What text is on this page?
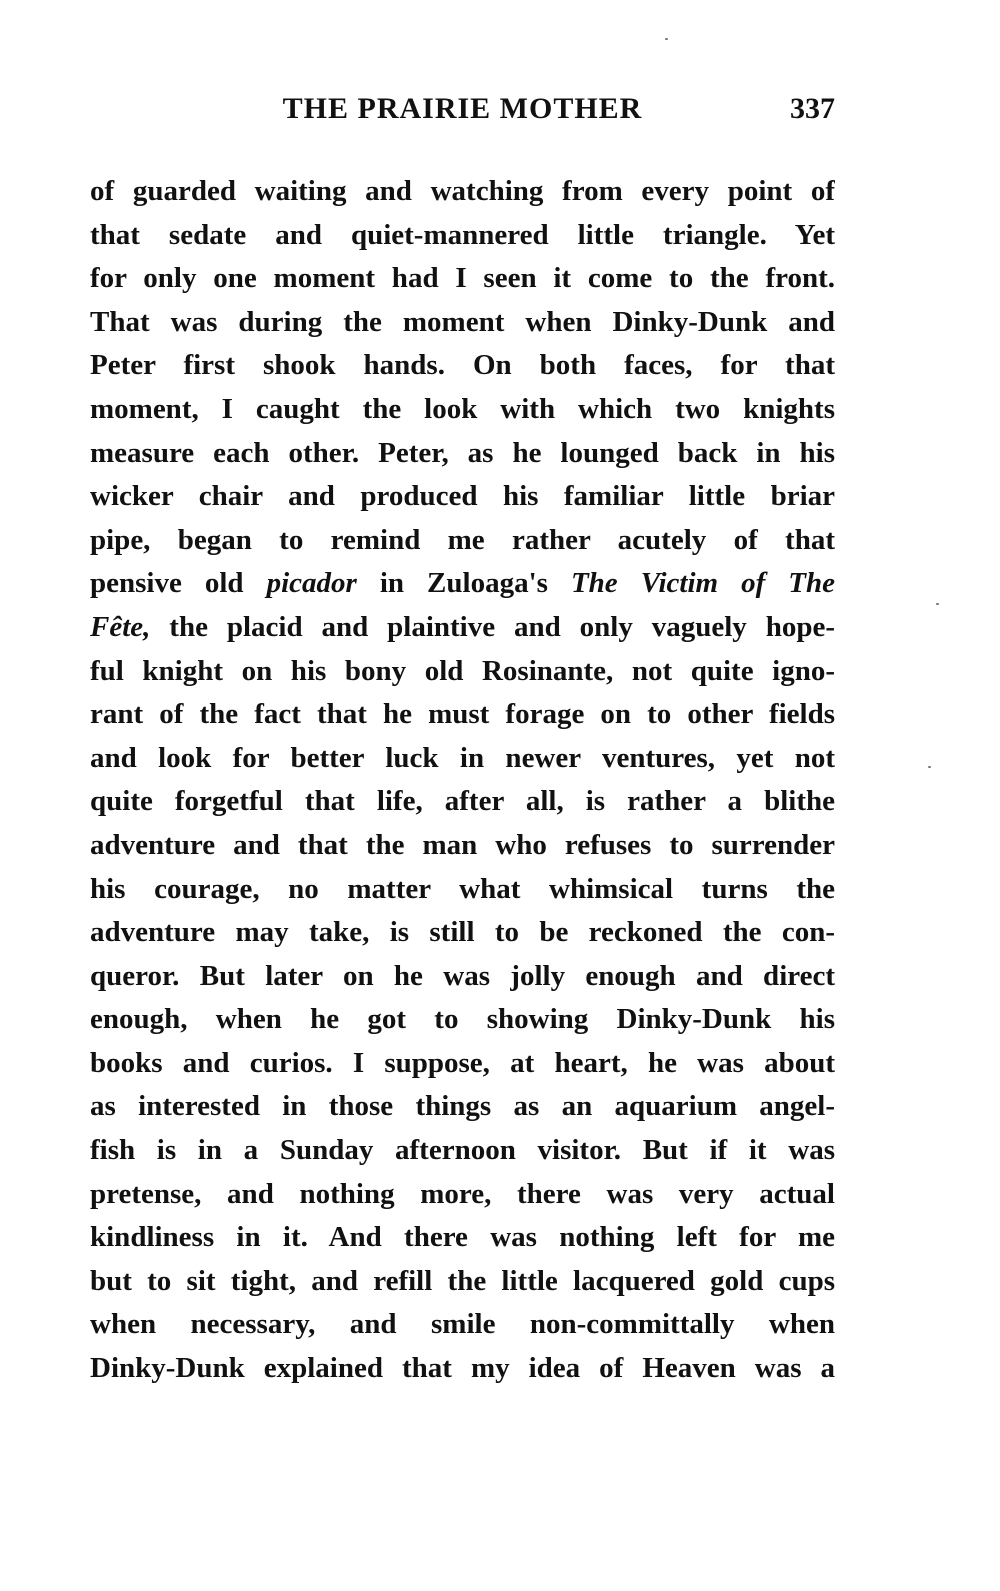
THE PRAIRIE MOTHER	337
of guarded waiting and watching from every point of
that sedate and quiet-mannered little triangle. Yet
for only one moment had I seen it come to the front.
That was during the moment when Dinky-Dunk and
Peter first shook hands. On both faces, for that
moment, I caught the look with which two knights
measure each other. Peter, as he lounged back in his
wicker chair and produced his familiar little briar
pipe, began to remind me rather acutely of that
pensive old picador in Zuloaga's The Victim of The
Fête, the placid and plaintive and only vaguely hope-
ful knight on his bony old Rosinante, not quite igno-
rant of the fact that he must forage on to other fields
and look for better luck in newer ventures, yet not
quite forgetful that life, after all, is rather a blithe
adventure and that the man who refuses to surrender
his courage, no matter what whimsical turns the
adventure may take, is still to be reckoned the con-
queror. But later on he was jolly enough and direct
enough, when he got to showing Dinky-Dunk his
books and curios. I suppose, at heart, he was about
as interested in those things as an aquarium angel-
fish is in a Sunday afternoon visitor. But if it was
pretense, and nothing more, there was very actual
kindliness in it. And there was nothing left for me
but to sit tight, and refill the little lacquered gold cups
when necessary, and smile non-committally when
Dinky-Dunk explained that my idea of Heaven was a
